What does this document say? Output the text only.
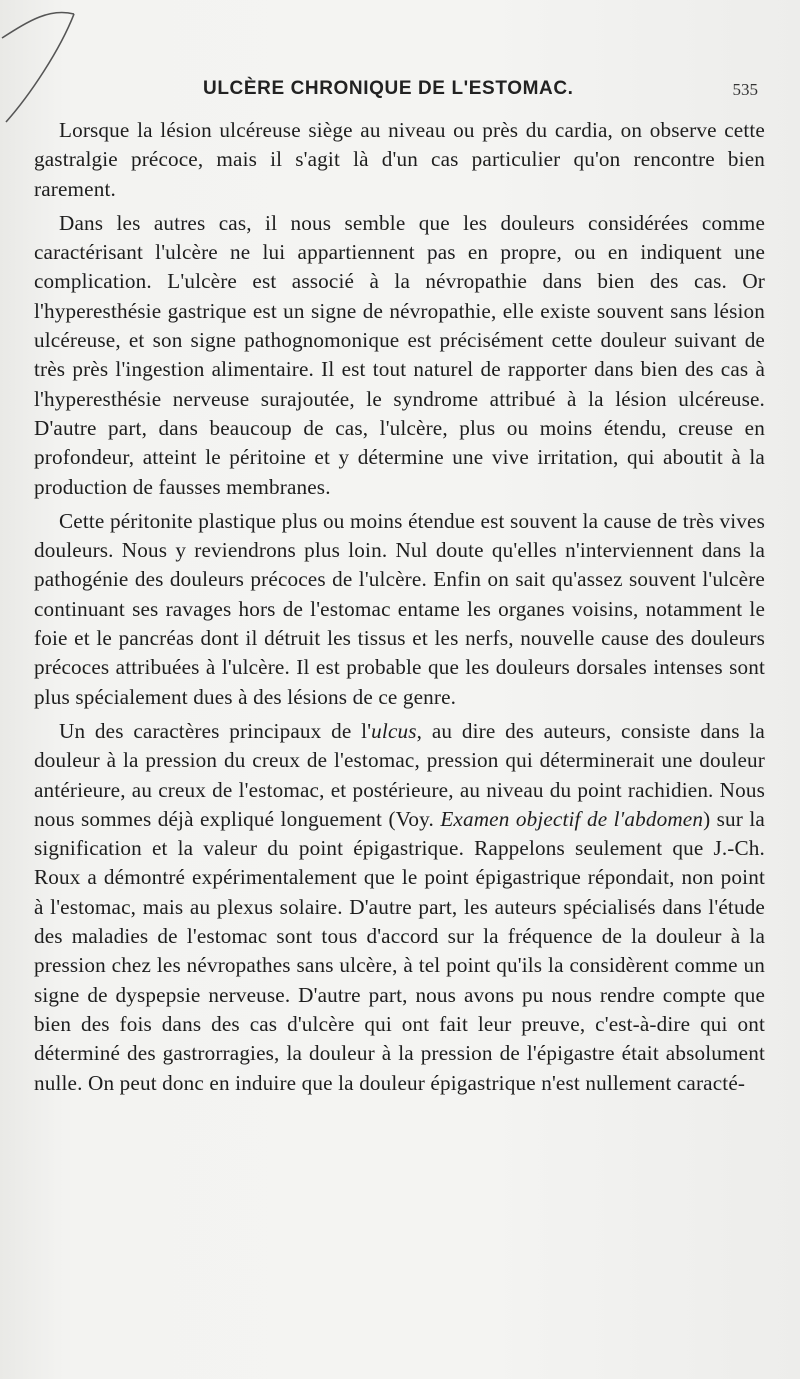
ULCÈRE CHRONIQUE DE L'ESTOMAC.	535

Lorsque la lésion ulcéreuse siège au niveau ou près du cardia, on observe cette gastralgie précoce, mais il s'agit là d'un cas particulier qu'on rencontre bien rarement.

Dans les autres cas, il nous semble que les douleurs considérées comme caractérisant l'ulcère ne lui appartiennent pas en propre, ou en indiquent une complication. L'ulcère est associé à la névropathie dans bien des cas. Or l'hyperesthésie gastrique est un signe de névropathie, elle existe souvent sans lésion ulcéreuse, et son signe pathognomonique est précisément cette douleur suivant de très près l'ingestion alimentaire. Il est tout naturel de rapporter dans bien des cas à l'hyperesthésie nerveuse surajoutée, le syndrome attribué à la lésion ulcéreuse. D'autre part, dans beaucoup de cas, l'ulcère, plus ou moins étendu, creuse en profondeur, atteint le péritoine et y détermine une vive irritation, qui aboutit à la production de fausses membranes.

Cette péritonite plastique plus ou moins étendue est souvent la cause de très vives douleurs. Nous y reviendrons plus loin. Nul doute qu'elles n'interviennent dans la pathogénie des douleurs précoces de l'ulcère. Enfin on sait qu'assez souvent l'ulcère continuant ses ravages hors de l'estomac entame les organes voisins, notamment le foie et le pancréas dont il détruit les tissus et les nerfs, nouvelle cause des douleurs précoces attribuées à l'ulcère. Il est probable que les douleurs dorsales intenses sont plus spécialement dues à des lésions de ce genre.

Un des caractères principaux de l'ulcus, au dire des auteurs, consiste dans la douleur à la pression du creux de l'estomac, pression qui déterminerait une douleur antérieure, au creux de l'estomac, et postérieure, au niveau du point rachidien. Nous nous sommes déjà expliqué longuement (Voy. Examen objectif de l'abdomen) sur la signification et la valeur du point épigastrique. Rappelons seulement que J.-Ch. Roux a démontré expérimentalement que le point épigastrique répondait, non point à l'estomac, mais au plexus solaire. D'autre part, les auteurs spécialisés dans l'étude des maladies de l'estomac sont tous d'accord sur la fréquence de la douleur à la pression chez les névropathes sans ulcère, à tel point qu'ils la considèrent comme un signe de dyspepsie nerveuse. D'autre part, nous avons pu nous rendre compte que bien des fois dans des cas d'ulcère qui ont fait leur preuve, c'est-à-dire qui ont déterminé des gastrorragies, la douleur à la pression de l'épigastre était absolument nulle. On peut donc en induire que la douleur épigastrique n'est nullement caracté-
